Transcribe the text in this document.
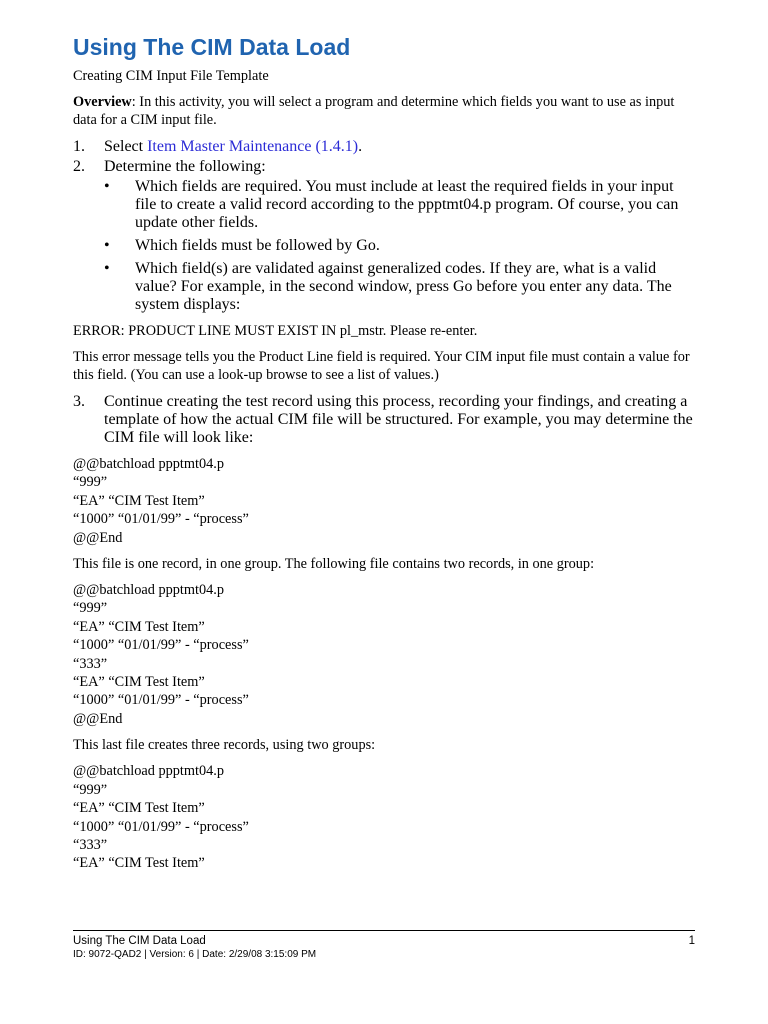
Using The CIM Data Load
Creating CIM Input File Template

Overview: In this activity, you will select a program and determine which fields you want to use as input data for a CIM input file.

1.	Select Item Master Maintenance (1.4.1).
2.	Determine the following:
•	Which fields are required. You must include at least the required fields in your input file to create a valid record according to the ppptmt04.p program. Of course, you can update other fields.
•	Which fields must be followed by Go.
•	Which field(s) are validated against generalized codes. If they are, what is a valid value? For example, in the second window, press Go before you enter any data. The system displays:

ERROR: PRODUCT LINE MUST EXIST IN pl_mstr. Please re-enter.

This error message tells you the Product Line field is required. Your CIM input file must contain a value for this field. (You can use a look-up browse to see a list of values.)

3.	Continue creating the test record using this process, recording your findings, and creating a template of how the actual CIM file will be structured. For example, you may determine the CIM file will look like:
@@batchload ppptmt04.p
“999”
“EA” “CIM Test Item”
“1000” “01/01/99” - “process”
@@End

This file is one record, in one group. The following file contains two records, in one group:

@@batchload ppptmt04.p
“999”
“EA” “CIM Test Item”
“1000” “01/01/99” - “process”
“333”
“EA” “CIM Test Item”
“1000” “01/01/99” - “process”
@@End

This last file creates three records, using two groups:

@@batchload ppptmt04.p
“999”
“EA” “CIM Test Item”
“1000” “01/01/99” - “process”
“333”
“EA” “CIM Test Item”
Using The CIM Data Load	1
ID: 9072-QAD2 | Version: 6 | Date: 2/29/08 3:15:09 PM
